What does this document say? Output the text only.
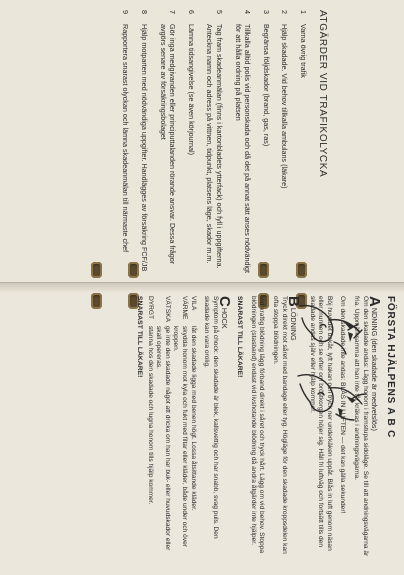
ATGÄRDER VID TRAFIKOLYCKA
1
Varna övrig trafik
2
Hjälp skadade. Vid behov tillkalla ambulans (läkare)
3
Begränsa följdskador (brand, gas, ras)
4
Tillkalla alltid polis vid personskada och då det på annat sätt anses nödvändigt för att hålla ordning på platsen
5
Tag fram skadeanmälan (finns i kartonbladets ytterfack) och fyll i uppgifterna. Anteckna namn och adress på vittnen, tidpunkt, platsens läge, skador m.m.
6
Lämna tidsangivelse (se även körjournal)
7
Gör inga medgivanden eller principuttalanden rörande ansvar. Dessa frågor avgörs senare av försäkringsbolaget
8
Hjälp motparten med nödvändiga uppgifter. Handlägges av försäkring FCF/JB
9
Rapportera snarast olyckan och lämna skadeanmälan till närmaste chef
FÖRSTA HJÄLPENS A B C
ANDNING (den skadade är medvetslös)
Om den skadade andas: Lägg honom i framstupa sidoläge. Se till att andningsvägarna är fria. Uppmärksamma att han inte får kräkas i andningsvägarna.
Om den skadade inte andas: BLÅS IN LUFTEN — det kan gälla sekunder!
Böj huvudet bakåt, lyft hakan och tryck ner underkäken uppåt. Blås in luft genom näsan eller munnen och se efter om bröstkorgen höjer sig. Håll fri luftväg och fortsätt tills den skadade andas själv eller hjälp kommer.
BLÖDNING
Tryck direkt mot såret med bandage eller tyg. Högläge för den skadade kroppsdelen kan ofta stoppa blödningen.
Vid kraftig blödning lägg förband direkt i såret och tryck hårt. Lägg om vid behov. Stoppa blödningen (stasband) endast vid livshotande blödning då andra åtgärder inte hjälper.
SNARAST TILL LÄKARE!
CHOCK
Symptom på chock: den skadade är blek, kallsvettig och har snabb, svag puls. Den skadade kan vara orolig.
VILA
låt den skadade ligga med benen högt. Lossa åtsittande kläder.
VÄRME
skydda honom mot kyla och fukt med filtar eller kläder, både under och över kroppen.
VÄTSKA
ge inte den skadade något att dricka om han har buk- eller huvudskador eller skall opereras.
DYRGT
stanna hos den skadade och lugna honom tills hjälp kommer.
SNARAST TILL LÄKARE!
